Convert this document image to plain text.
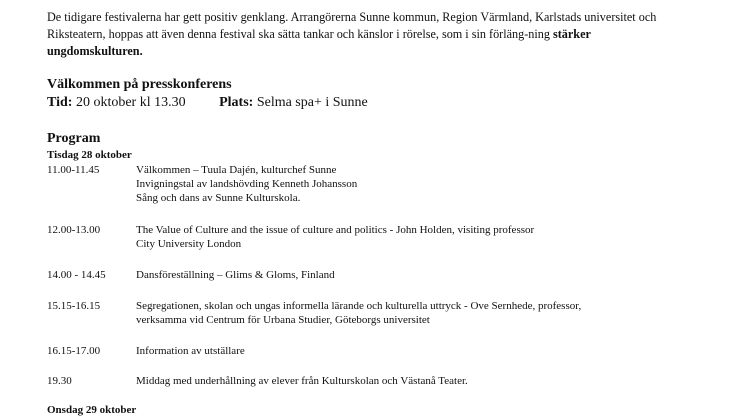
De tidigare festivalerna har gett positiv genklang. Arrangörerna Sunne kommun, Region Värmland, Karlstads universitet och Riksteatern, hoppas att även denna festival ska sätta tankar och känslor i rörelse, som i sin förläng-ning stärker ungdomskulturen.

Välkommen på presskonferens
Tid: 20 oktober kl 13.30 Plats: Selma spa+ i Sunne
Program
Tisdag 28 oktober
11.00-11.45	Välkommen – Tuula Dajén, kulturchef Sunne
Invigningstal av landshövding Kenneth Johansson
Sång och dans av Sunne Kulturskola.
12.00-13.00	The Value of Culture and the issue of culture and politics - John Holden, visiting professor
City University London
14.00 - 14.45	Dansföreställning – Glims & Gloms, Finland
15.15-16.15	Segregationen, skolan och ungas informella lärande och kulturella uttryck - Ove Sernhede, professor,
verksamma vid Centrum för Urbana Studier, Göteborgs universitet
16.15-17.00	Information av utställare
19.30	Middag med underhållning av elever från Kulturskolan och Västanå Teater.
Onsdag 29 oktober
